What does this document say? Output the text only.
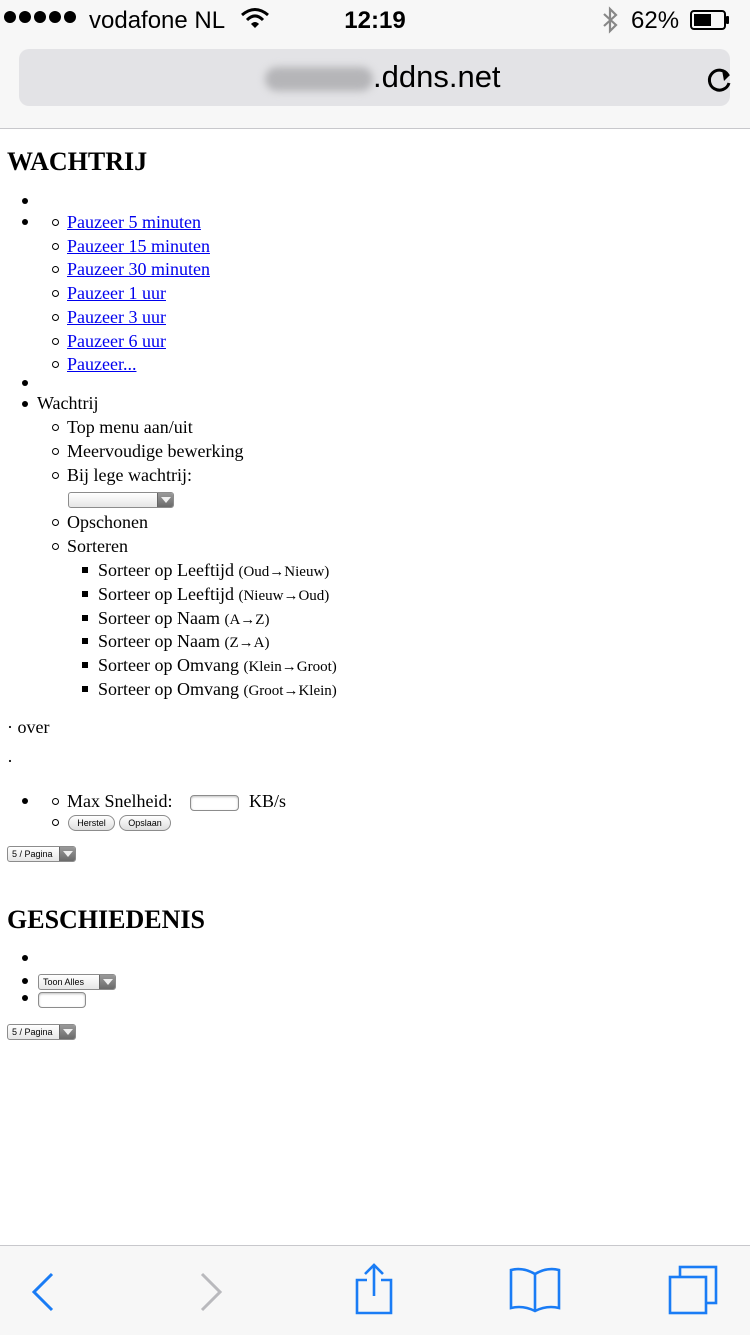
vodafone NL	12:19	62%
.ddns.net
WACHTRIJ
Pauzeer 5 minuten
Pauzeer 15 minuten
Pauzeer 30 minuten
Pauzeer 1 uur
Pauzeer 3 uur
Pauzeer 6 uur
Pauzeer...
Wachtrij
Top menu aan/uit
Meervoudige bewerking
Bij lege wachtrij:
Opschonen
Sorteren
Sorteer op Leeftijd (Oud→Nieuw)
Sorteer op Leeftijd (Nieuw→Oud)
Sorteer op Naam (A→Z)
Sorteer op Naam (Z→A)
Sorteer op Omvang (Klein→Groot)
Sorteer op Omvang (Groot→Klein)
· over
·
Max Snelheid:	KB/s
Herstel	Opslaan
5 / Pagina
GESCHIEDENIS
Toon Alles
5 / Pagina
